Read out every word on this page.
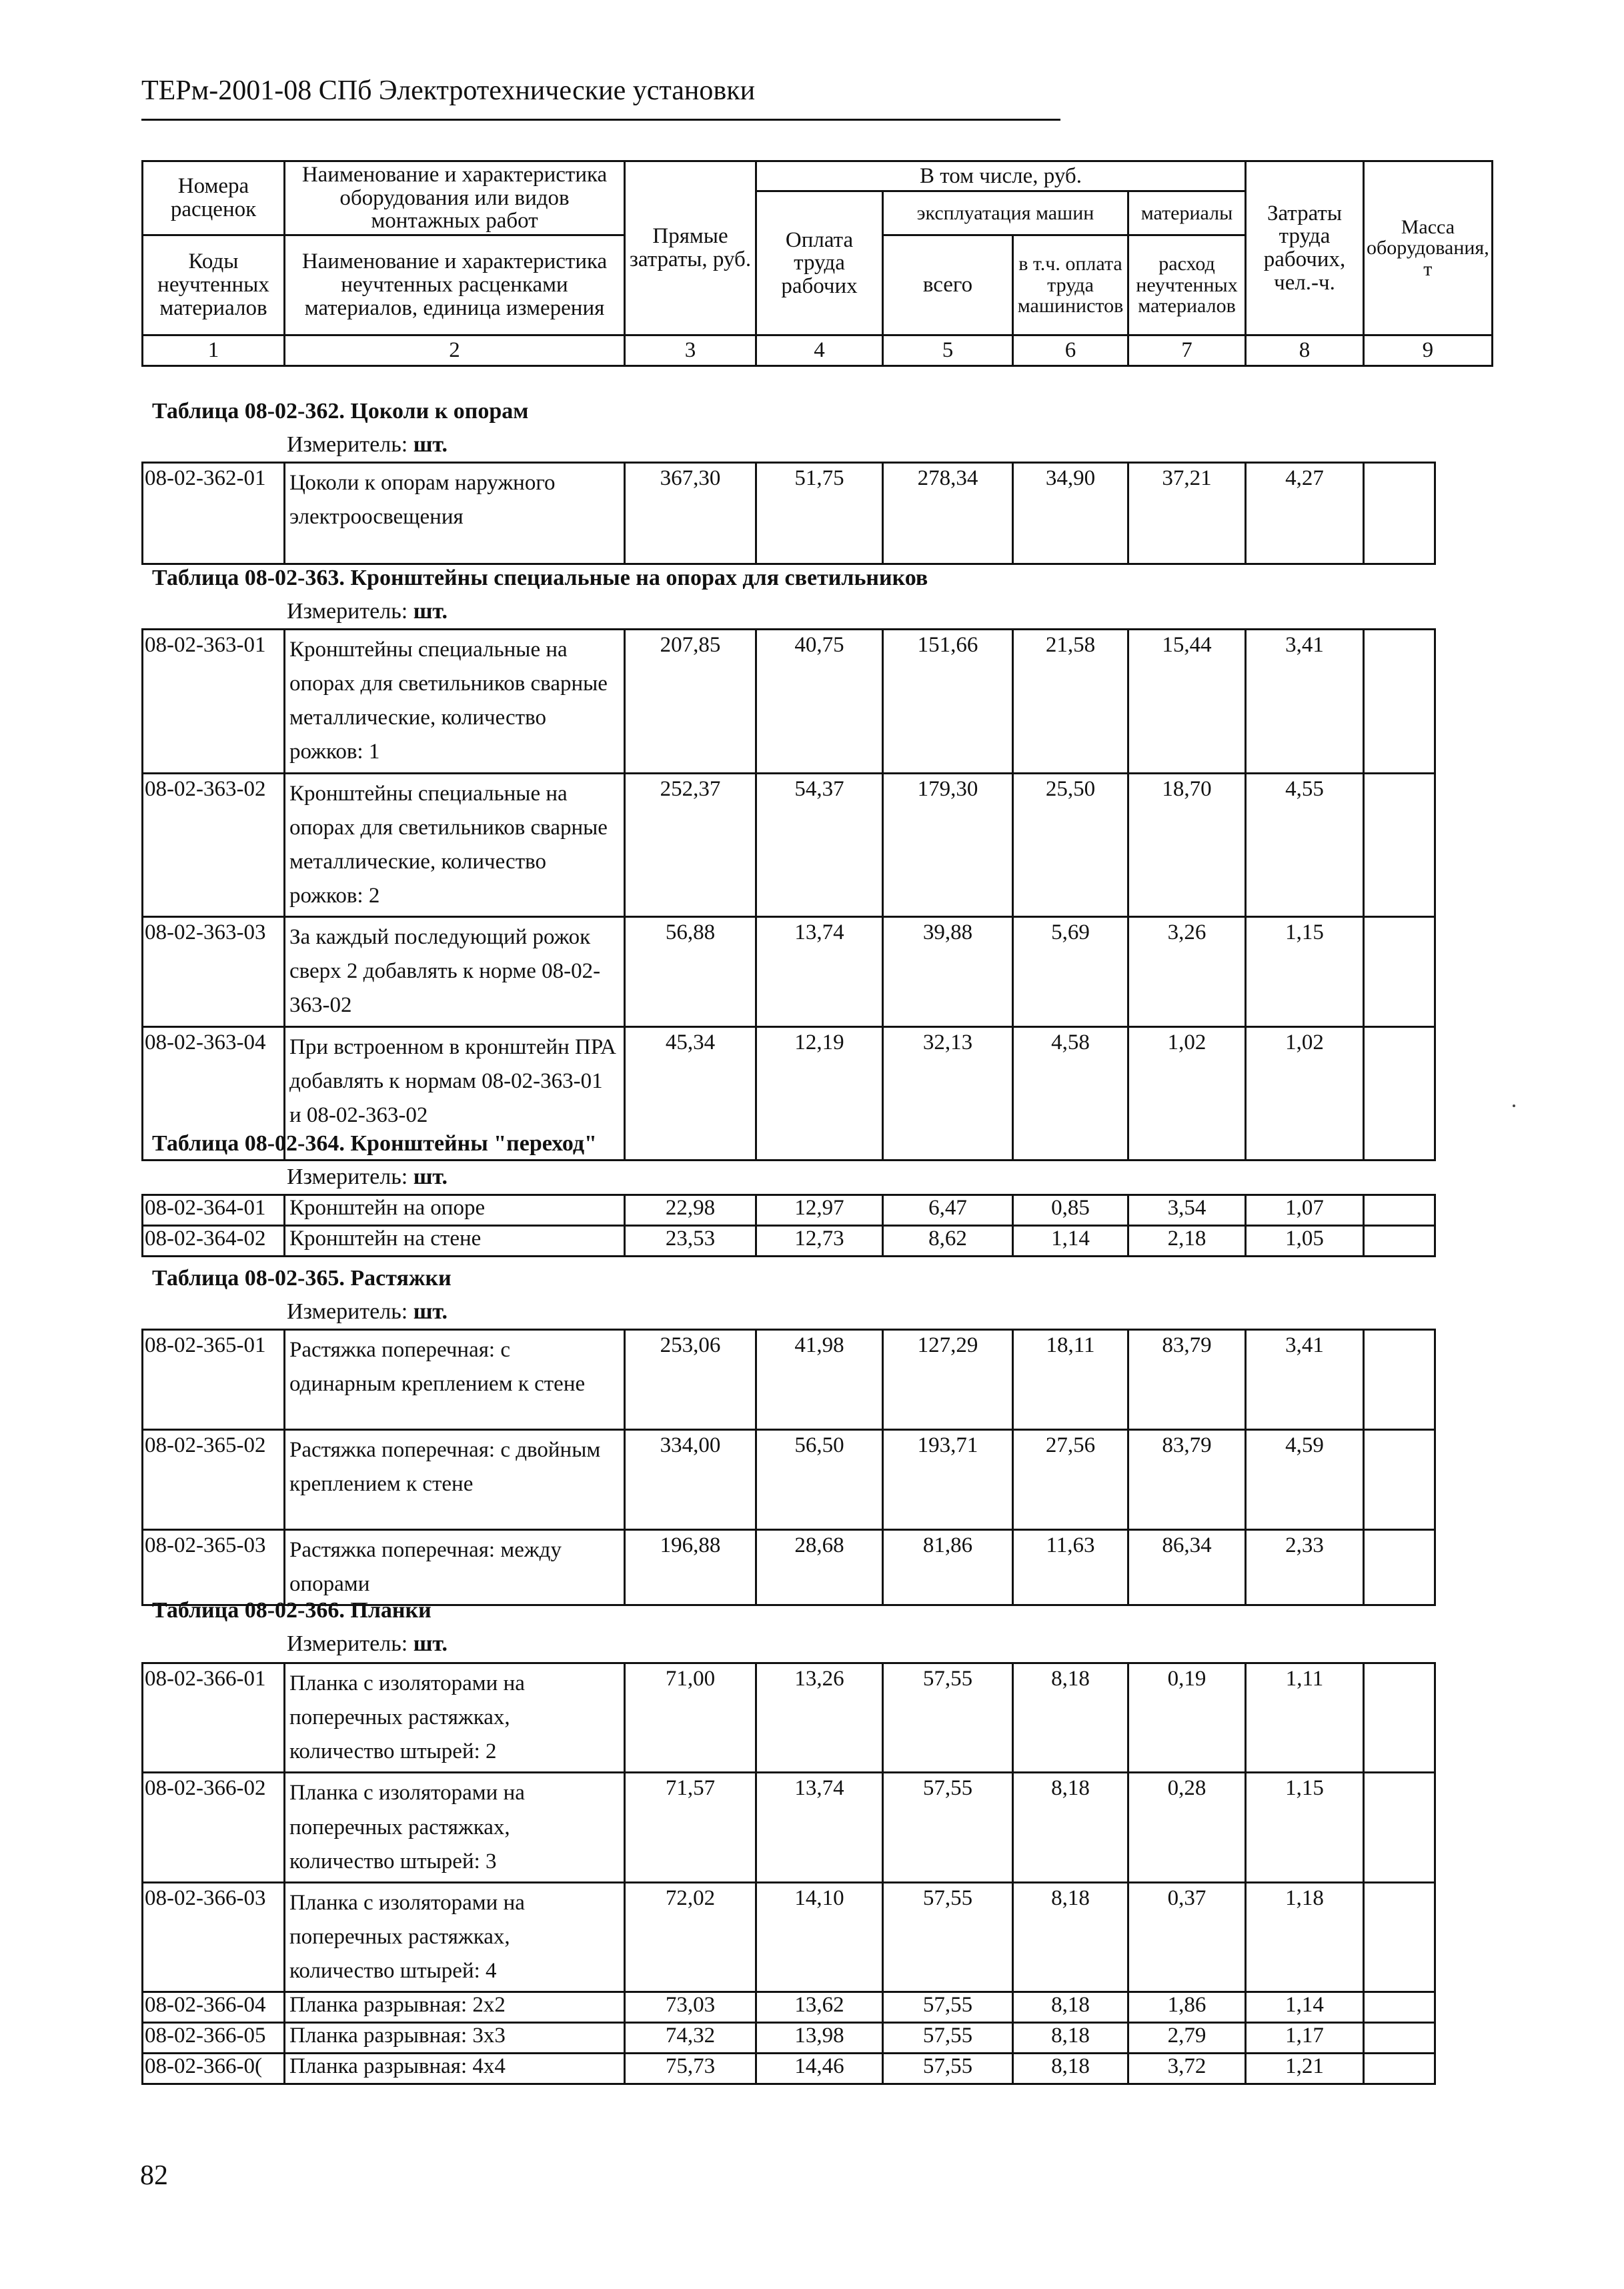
ТЕРм-2001-08 СПб Электротехнические установки
Номера расценок	Наименование и характеристика оборудования или видов монтажных работ	Прямые затраты, руб.	В том числе, руб.				Затраты труда рабочих, чел.-ч.	Масса оборудования, т
			Оплата труда рабочих	эксплуатация машин		материалы		
Коды неучтенных материалов	Наименование и характеристика неучтенных расценками материалов, единица измерения			всего	в т.ч. оплата труда машинистов	расход неучтенных материалов		

1	2	3	4	5	6	7	8	9
Таблица 08-02-362. Цоколи к опорам
Измеритель: шт.
08-02-362-01	Цоколи к опорам наружного электроосвещения	367,30	51,75	278,34	34,90	37,21	4,27	
Таблица 08-02-363. Кронштейны специальные на опорах для светильников
Измеритель: шт.
08-02-363-01	Кронштейны специальные на опорах для светильников сварные металлические, количество рожков: 1	207,85	40,75	151,66	21,58	15,44	3,41	
08-02-363-02	Кронштейны специальные на опорах для светильников сварные металлические, количество рожков: 2	252,37	54,37	179,30	25,50	18,70	4,55	
08-02-363-03	За каждый последующий рожок сверх 2 добавлять к норме 08-02-363-02	56,88	13,74	39,88	5,69	3,26	1,15	
08-02-363-04	При встроенном в кронштейн ПРА добавлять к нормам 08-02-363-01 и 08-02-363-02	45,34	12,19	32,13	4,58	1,02	1,02	
Таблица 08-02-364. Кронштейны "переход"
Измеритель: шт.
08-02-364-01	Кронштейн на опоре	22,98	12,97	6,47	0,85	3,54	1,07	
08-02-364-02	Кронштейн на стене	23,53	12,73	8,62	1,14	2,18	1,05	
Таблица 08-02-365. Растяжки
Измеритель: шт.
08-02-365-01	Растяжка поперечная: с одинарным креплением к стене	253,06	41,98	127,29	18,11	83,79	3,41	
08-02-365-02	Растяжка поперечная: с двойным креплением к стене	334,00	56,50	193,71	27,56	83,79	4,59	
08-02-365-03	Растяжка поперечная: между опорами	196,88	28,68	81,86	11,63	86,34	2,33	
Таблица 08-02-366. Планки
Измеритель: шт.
08-02-366-01	Планка с изоляторами на поперечных растяжках, количество штырей: 2	71,00	13,26	57,55	8,18	0,19	1,11	
08-02-366-02	Планка с изоляторами на поперечных растяжках, количество штырей: 3	71,57	13,74	57,55	8,18	0,28	1,15	
08-02-366-03	Планка с изоляторами на поперечных растяжках, количество штырей: 4	72,02	14,10	57,55	8,18	0,37	1,18	
08-02-366-04	Планка разрывная: 2х2	73,03	13,62	57,55	8,18	1,86	1,14	
08-02-366-05	Планка разрывная: 3х3	74,32	13,98	57,55	8,18	2,79	1,17	
08-02-366-0(	Планка разрывная: 4х4	75,73	14,46	57,55	8,18	3,72	1,21	
82
